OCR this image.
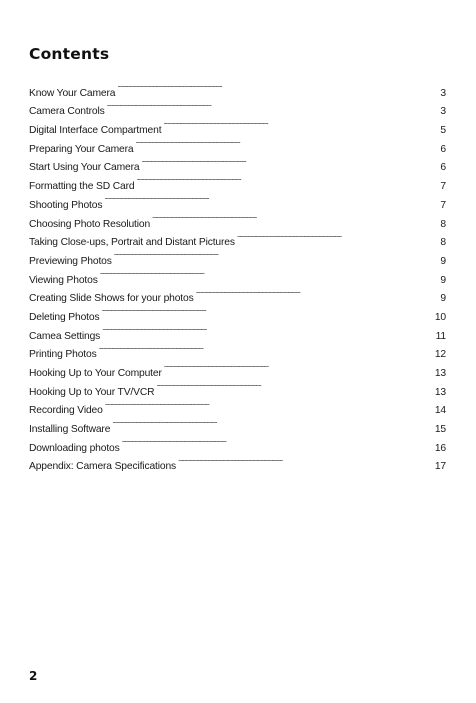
Contents
Know Your Camera . . .	3
Camera Controls . . .	3
Digital Interface Compartment . . .	5
Preparing Your Camera . . .	6
Start Using Your Camera . . .	6
Formatting the SD Card . . .	7
Shooting Photos . . .	7
Choosing Photo Resolution . . .	8
Taking Close-ups, Portrait and Distant Pictures . . .	8
Previewing Photos . . .	9
Viewing Photos . . .	9
Creating Slide Shows for your photos . . .	9
Deleting Photos . . .	10
Camea Settings . . .	11
Printing Photos . . .	12
Hooking Up to Your Computer . . .	13
Hooking Up to Your TV/VCR . . .	13
Recording Video . . .	14
Installing Software . . .	15
Downloading photos . . .	16
Appendix: Camera Specifications . . .	17
2
